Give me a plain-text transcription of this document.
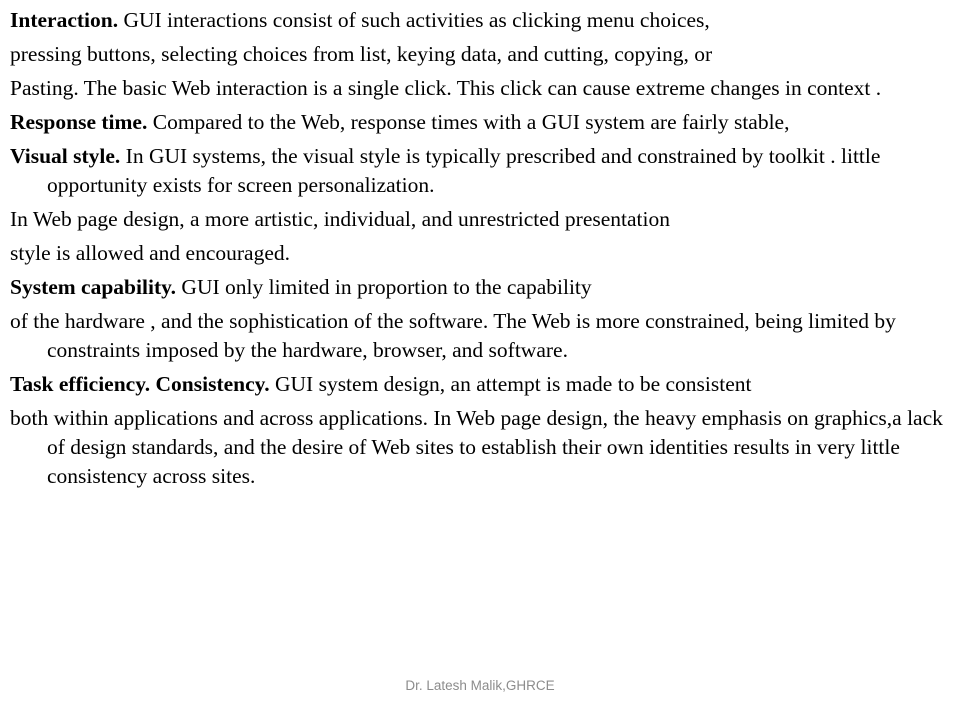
Interaction. GUI interactions consist of such activities as clicking menu choices,

pressing buttons, selecting choices from list, keying data, and cutting, copying, or

Pasting. The basic Web interaction is a single click. This click can cause extreme changes in context .

Response time. Compared to the Web, response times with a GUI system are fairly stable,

Visual style. In GUI systems, the visual style is typically prescribed and constrained by toolkit . little opportunity exists for screen personalization.

In Web page design, a more artistic, individual, and unrestricted presentation

style is allowed and encouraged.

System capability. GUI only limited in proportion to the capability

of the hardware , and the sophistication of the software. The Web is more constrained, being limited by constraints imposed by the hardware, browser, and software.

Task efficiency. Consistency. GUI system design, an attempt is made to be consistent

both within applications and across applications. In Web page design, the heavy emphasis on graphics,a lack of design standards, and the desire of Web sites to establish their own identities results in very little consistency across sites.

Dr. Latesh Malik,GHRCE
